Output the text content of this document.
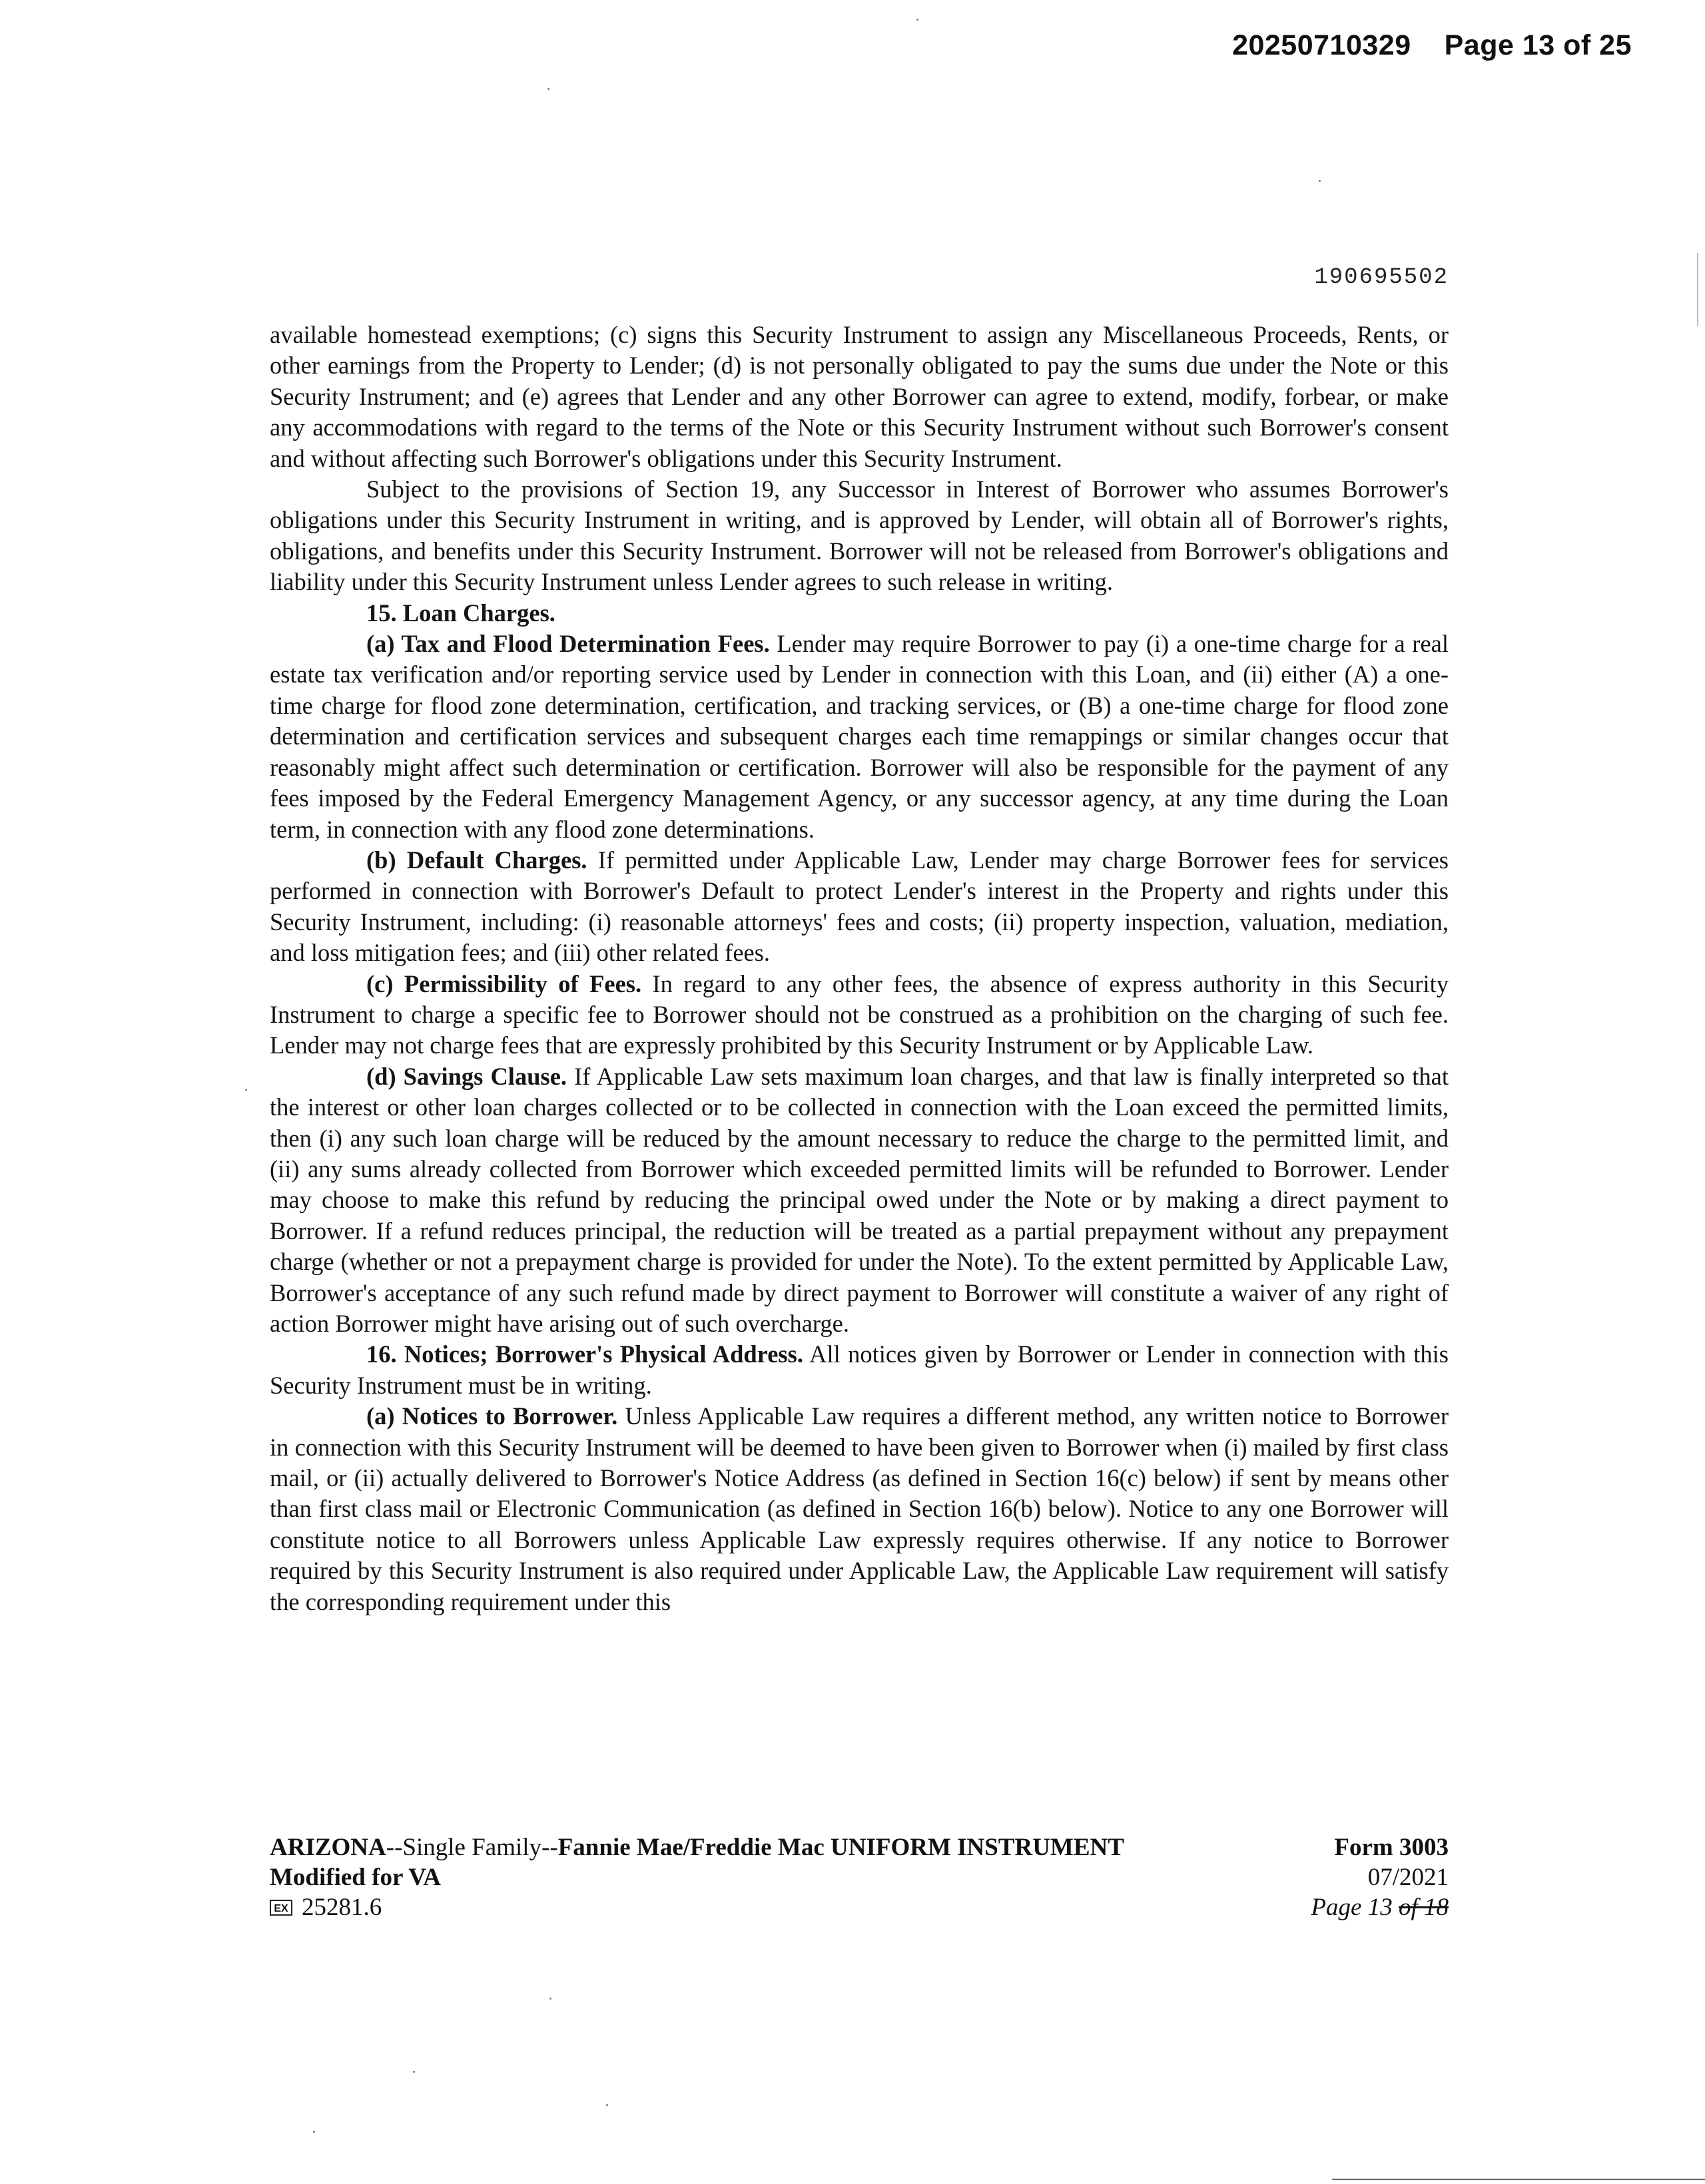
20250710329 Page 13 of 25
190695502

available homestead exemptions; (c) signs this Security Instrument to assign any Miscellaneous Proceeds, Rents, or other earnings from the Property to Lender; (d) is not personally obligated to pay the sums due under the Note or this Security Instrument; and (e) agrees that Lender and any other Borrower can agree to extend, modify, forbear, or make any accommodations with regard to the terms of the Note or this Security Instrument without such Borrower's consent and without affecting such Borrower's obligations under this Security Instrument.

Subject to the provisions of Section 19, any Successor in Interest of Borrower who assumes Borrower's obligations under this Security Instrument in writing, and is approved by Lender, will obtain all of Borrower's rights, obligations, and benefits under this Security Instrument. Borrower will not be released from Borrower's obligations and liability under this Security Instrument unless Lender agrees to such release in writing.

15. Loan Charges.

(a) Tax and Flood Determination Fees. Lender may require Borrower to pay (i) a one-time charge for a real estate tax verification and/or reporting service used by Lender in connection with this Loan, and (ii) either (A) a one-time charge for flood zone determination, certification, and tracking services, or (B) a one-time charge for flood zone determination and certification services and subsequent charges each time remappings or similar changes occur that reasonably might affect such determination or certification. Borrower will also be responsible for the payment of any fees imposed by the Federal Emergency Management Agency, or any successor agency, at any time during the Loan term, in connection with any flood zone determinations.

(b) Default Charges. If permitted under Applicable Law, Lender may charge Borrower fees for services performed in connection with Borrower's Default to protect Lender's interest in the Property and rights under this Security Instrument, including: (i) reasonable attorneys' fees and costs; (ii) property inspection, valuation, mediation, and loss mitigation fees; and (iii) other related fees.

(c) Permissibility of Fees. In regard to any other fees, the absence of express authority in this Security Instrument to charge a specific fee to Borrower should not be construed as a prohibition on the charging of such fee. Lender may not charge fees that are expressly prohibited by this Security Instrument or by Applicable Law.

(d) Savings Clause. If Applicable Law sets maximum loan charges, and that law is finally interpreted so that the interest or other loan charges collected or to be collected in connection with the Loan exceed the permitted limits, then (i) any such loan charge will be reduced by the amount necessary to reduce the charge to the permitted limit, and (ii) any sums already collected from Borrower which exceeded permitted limits will be refunded to Borrower. Lender may choose to make this refund by reducing the principal owed under the Note or by making a direct payment to Borrower. If a refund reduces principal, the reduction will be treated as a partial prepayment without any prepayment charge (whether or not a prepayment charge is provided for under the Note). To the extent permitted by Applicable Law, Borrower's acceptance of any such refund made by direct payment to Borrower will constitute a waiver of any right of action Borrower might have arising out of such overcharge.

16. Notices; Borrower's Physical Address. All notices given by Borrower or Lender in connection with this Security Instrument must be in writing.

(a) Notices to Borrower. Unless Applicable Law requires a different method, any written notice to Borrower in connection with this Security Instrument will be deemed to have been given to Borrower when (i) mailed by first class mail, or (ii) actually delivered to Borrower's Notice Address (as defined in Section 16(c) below) if sent by means other than first class mail or Electronic Communication (as defined in Section 16(b) below). Notice to any one Borrower will constitute notice to all Borrowers unless Applicable Law expressly requires otherwise. If any notice to Borrower required by this Security Instrument is also required under Applicable Law, the Applicable Law requirement will satisfy the corresponding requirement under this

ARIZONA--Single Family--Fannie Mae/Freddie Mac UNIFORM INSTRUMENT
Modified for VA
EX 25281.6
Form 3003
07/2021
Page 13 of 18
